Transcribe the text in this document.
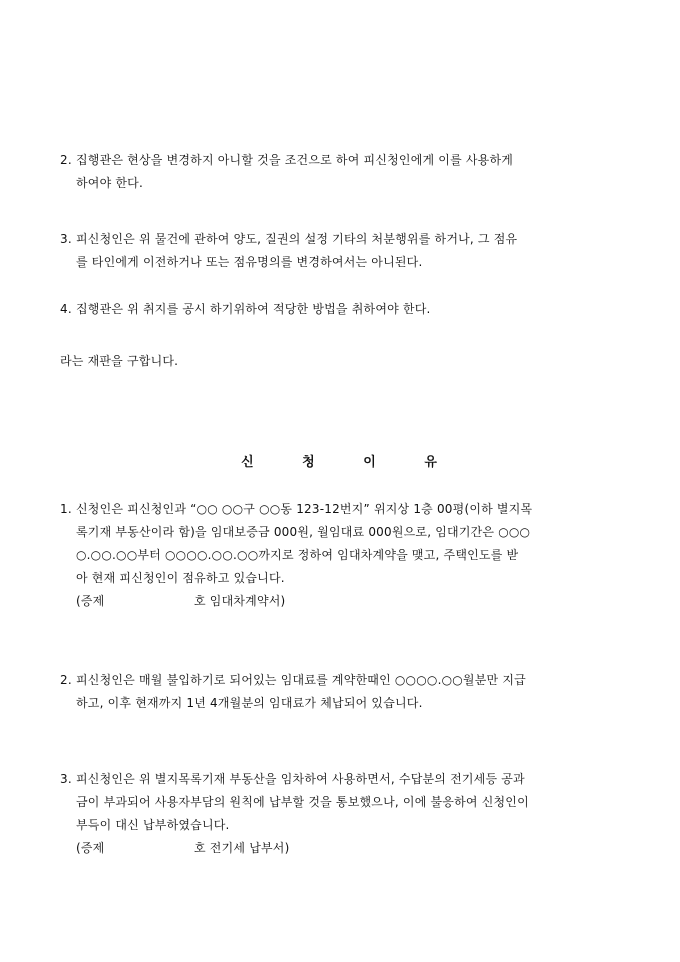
2. 집행관은 현상을 변경하지 아니할 것을 조건으로 하여 피신청인에게 이를 사용하게
하여야 한다.
3. 피신청인은 위 물건에 관하여 양도, 질권의 설정 기타의 처분행위를 하거나, 그 점유
를 타인에게 이전하거나 또는 점유명의를 변경하여서는 아니된다.
4. 집행관은 위 취지를 공시 하기위하여 적당한 방법을 취하여야 한다.
라는 재판을 구합니다.
신	청	이	유
1. 신청인은 피신청인과 “○○ ○○구 ○○동 123-12번지” 위지상 1층 00평(이하 별지목
록기재 부동산이라 함)을 임대보증금 000원, 월임대료 000원으로, 임대기간은 ○○○
○.○○.○○부터 ○○○○.○○.○○까지로 정하여 임대차계약을 맺고, 주택인도를 받
아 현재 피신청인이 점유하고 있습니다.
(증제	호 임대차계약서)
2. 피신청인은 매월 불입하기로 되어있는 임대료를 계약한때인 ○○○○.○○월분만 지급
하고, 이후 현재까지 1년 4개월분의 임대료가 체납되어 있습니다.
3. 피신청인은 위 별지목록기재 부동산을 임차하여 사용하면서, 수답분의 전기세등 공과
금이 부과되어 사용자부담의 원칙에 납부할 것을 통보했으나, 이에 불응하여 신청인이
부득이 대신 납부하였습니다.
(증제	호 전기세 납부서)
